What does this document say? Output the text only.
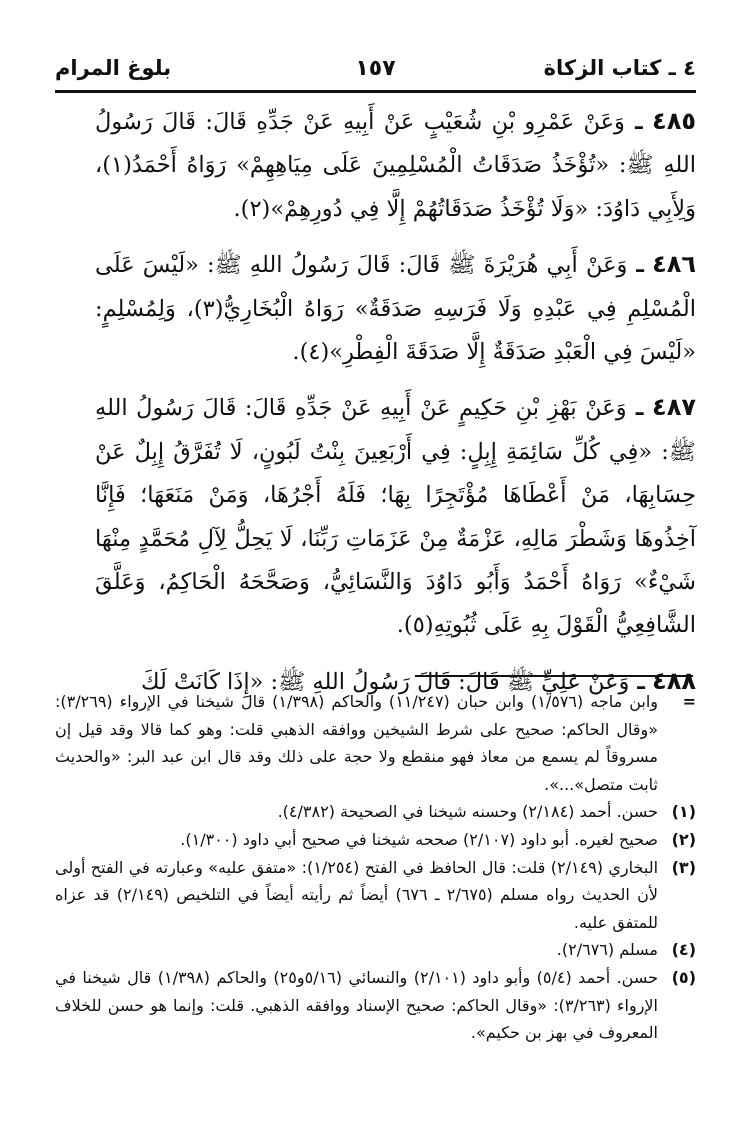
٤ ـ كتاب الزكاة
١٥٧
بلوغ المرام

٤٨٥ ـ وَعَنْ عَمْرِو بْنِ شُعَيْبٍ عَنْ أَبِيهِ عَنْ جَدِّهِ قَالَ: قَالَ رَسُولُ اللهِ ﷺ: «تُؤْخَذُ صَدَقَاتُ الْمُسْلِمِينَ عَلَى مِيَاهِهِمْ» رَوَاهُ أَحْمَدُ(١)، وَلِأَبِي دَاوُدَ: «وَلَا تُؤْخَذُ صَدَقَاتُهُمْ إِلَّا فِي دُورِهِمْ»(٢).

٤٨٦ ـ وَعَنْ أَبِي هُرَيْرَةَ ﷺ قَالَ: قَالَ رَسُولُ اللهِ ﷺ: «لَيْسَ عَلَى الْمُسْلِمِ فِي عَبْدِهِ وَلَا فَرَسِهِ صَدَقَةٌ» رَوَاهُ الْبُخَارِيُّ(٣)، وَلِمُسْلِمٍ: «لَيْسَ فِي الْعَبْدِ صَدَقَةٌ إِلَّا صَدَقَةَ الْفِطْرِ»(٤).

٤٨٧ ـ وَعَنْ بَهْزِ بْنِ حَكِيمٍ عَنْ أَبِيهِ عَنْ جَدِّهِ قَالَ: قَالَ رَسُولُ اللهِ ﷺ: «فِي كُلِّ سَائِمَةِ إِبِلٍ: فِي أَرْبَعِينَ بِنْتُ لَبُونٍ، لَا تُفَرَّقُ إِبِلٌ عَنْ حِسَابِهَا، مَنْ أَعْطَاهَا مُؤْتَجِرًا بِهَا؛ فَلَهُ أَجْرُهَا، وَمَنْ مَنَعَهَا؛ فَإِنَّا آخِذُوهَا وَشَطْرَ مَالِهِ، عَزْمَةٌ مِنْ عَزَمَاتِ رَبِّنَا، لَا يَحِلُّ لِآلِ مُحَمَّدٍ مِنْهَا شَيْءٌ» رَوَاهُ أَحْمَدُ وَأَبُو دَاوُدَ وَالنَّسَائِيُّ، وَصَحَّحَهُ الْحَاكِمُ، وَعَلَّقَ الشَّافِعِيُّ الْقَوْلَ بِهِ عَلَى ثُبُوتِهِ(٥).

٤٨٨ ـ وَعَنْ عَلِيٍّ ﷺ قَالَ: قَالَ رَسُولُ اللهِ ﷺ: «إِذَا كَانَتْ لَكَ

=
وابن ماجه (١/٥٧٦) وابن حبان (١١/٢٤٧) والحاكم (١/٣٩٨) قال شيخنا في الإرواء (٣/٢٦٩): «وقال الحاكم: صحيح على شرط الشيخين ووافقه الذهبي قلت: وهو كما قالا وقد قيل إن مسروقاً لم يسمع من معاذ فهو منقطع ولا حجة على ذلك وقد قال ابن عبد البر: «والحديث ثابت متصل»...».

(١)
حسن. أحمد (٢/١٨٤) وحسنه شيخنا في الصحيحة (٤/٣٨٢).

(٢)
صحيح لغيره. أبو داود (٢/١٠٧) صححه شيخنا في صحيح أبي داود (١/٣٠٠).

(٣)
البخاري (٢/١٤٩) قلت: قال الحافظ في الفتح (١/٢٥٤): «متفق عليه» وعبارته في الفتح أولى لأن الحديث رواه مسلم (٢/٦٧٥ ـ ٦٧٦) أيضاً ثم رأيته أيضاً في التلخيص (٢/١٤٩) قد عزاه للمتفق عليه.

(٤)
مسلم (٢/٦٧٦).

(٥)
حسن. أحمد (٥/٤) وأبو داود (٢/١٠١) والنسائي (٥/١٦و٢٥) والحاكم (١/٣٩٨) قال شيخنا في الإرواء (٣/٢٦٣): «وقال الحاكم: صحيح الإسناد ووافقه الذهبي. قلت: وإنما هو حسن للخلاف المعروف في بهز بن حكيم».
